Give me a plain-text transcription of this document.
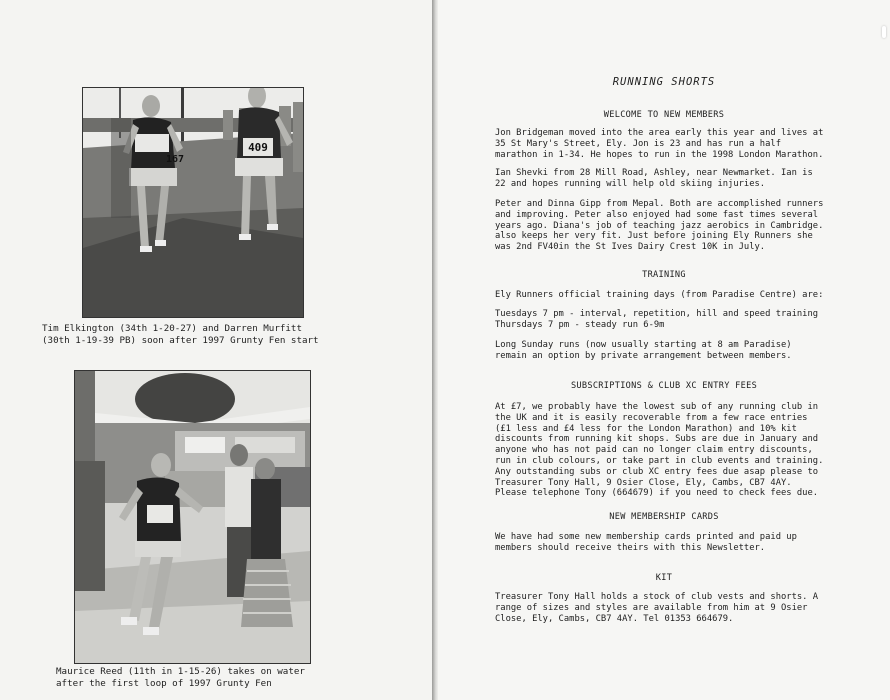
409
167
Tim Elkington (34th 1-20-27) and Darren Murfitt
(30th 1-19-39 PB) soon after 1997 Grunty Fen start
Maurice Reed (11th in 1-15-26) takes on water
after the first loop of 1997 Grunty Fen
RUNNING SHORTS
WELCOME TO NEW MEMBERS
Jon Bridgeman moved into the area early this year and lives at
35 St Mary's Street, Ely. Jon is 23 and has run a half
marathon in 1-34. He hopes to run in the 1998 London Marathon.
Ian Shevki from 28 Mill Road, Ashley, near Newmarket. Ian is
22 and hopes running will help old skiing injuries.
Peter and Dinna Gipp from Mepal. Both are accomplished runners
and improving. Peter also enjoyed had some fast times several
years ago. Diana's job of teaching jazz aerobics in Cambridge.
also keeps her very fit. Just before joining Ely Runners she
was 2nd FV40in the St Ives Dairy Crest 10K in July.
TRAINING
Ely Runners official training days (from Paradise Centre) are:
Tuesdays 7 pm - interval, repetition, hill and speed training
Thursdays 7 pm - steady run 6-9m
Long Sunday runs (now usually starting at 8 am Paradise)
remain an option by private arrangement between members.
SUBSCRIPTIONS & CLUB XC ENTRY FEES
At £7, we probably have the lowest sub of any running club in
the UK and it is easily recoverable from a few race entries
(£1 less and £4 less for the London Marathon) and 10% kit
discounts from running kit shops. Subs are due in January and
anyone who has not paid can no longer claim entry discounts,
run in club colours, or take part in club events and training.
Any outstanding subs or club XC entry fees due asap please to
Treasurer Tony Hall, 9 Osier Close, Ely, Cambs, CB7 4AY.
Please telephone Tony (664679) if you need to check fees due.
NEW MEMBERSHIP CARDS
We have had some new membership cards printed and paid up
members should receive theirs with this Newsletter.
KIT
Treasurer Tony Hall holds a stock of club vests and shorts. A
range of sizes and styles are available from him at 9 Osier
Close, Ely, Cambs, CB7 4AY. Tel 01353 664679.
